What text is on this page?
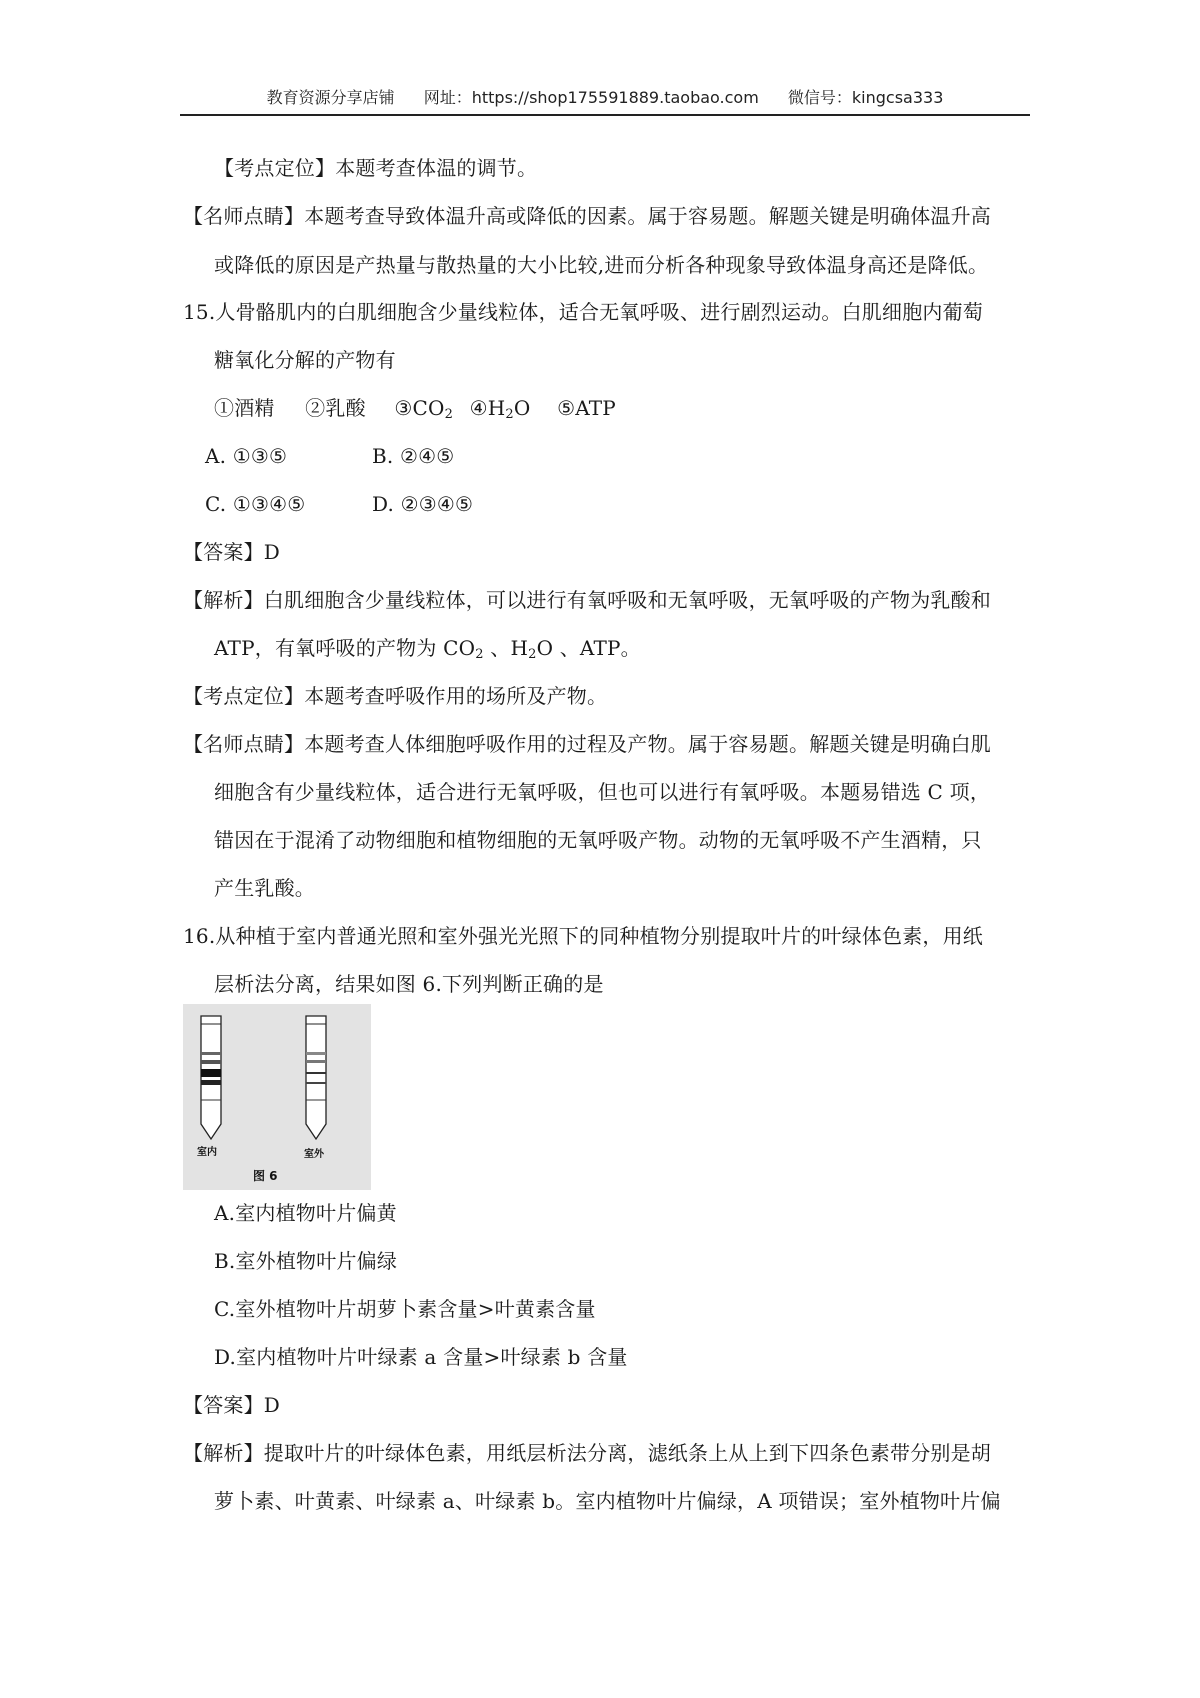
教育资源分享店铺 网址：https://shop175591889.taobao.com 微信号：kingcsa333
【考点定位】本题考查体温的调节。
【名师点睛】本题考查导致体温升高或降低的因素。属于容易题。解题关键是明确体温升高
或降低的原因是产热量与散热量的大小比较,进而分析各种现象导致体温身高还是降低。
15.人骨骼肌内的白肌细胞含少量线粒体，适合无氧呼吸、进行剧烈运动。白肌细胞内葡萄
糖氧化分解的产物有
①酒精 ②乳酸 $③CO_2$ $④H_2O$ ⑤ATP
A. ①③⑤	B. ②④⑤
C. ①③④⑤	D. ②③④⑤
【答案】D
【解析】白肌细胞含少量线粒体，可以进行有氧呼吸和无氧呼吸，无氧呼吸的产物为乳酸和
ATP，有氧呼吸的产物为 $CO_2$ 、$H_2O$ 、ATP。
【考点定位】本题考查呼吸作用的场所及产物。
【名师点睛】本题考查人体细胞呼吸作用的过程及产物。属于容易题。解题关键是明确白肌
细胞含有少量线粒体，适合进行无氧呼吸，但也可以进行有氧呼吸。本题易错选 C 项，
错因在于混淆了动物细胞和植物细胞的无氧呼吸产物。动物的无氧呼吸不产生酒精，只
产生乳酸。
16.从种植于室内普通光照和室外强光光照下的同种植物分别提取叶片的叶绿体色素，用纸
层析法分离，结果如图 6.下列判断正确的是
室内	室外
图 6
A.室内植物叶片偏黄
B.室外植物叶片偏绿
C.室外植物叶片胡萝卜素含量>叶黄素含量
D.室内植物叶片叶绿素 a 含量>叶绿素 b 含量
【答案】D
【解析】提取叶片的叶绿体色素，用纸层析法分离，滤纸条上从上到下四条色素带分别是胡
萝卜素、叶黄素、叶绿素 a、叶绿素 b。室内植物叶片偏绿，A 项错误；室外植物叶片偏
